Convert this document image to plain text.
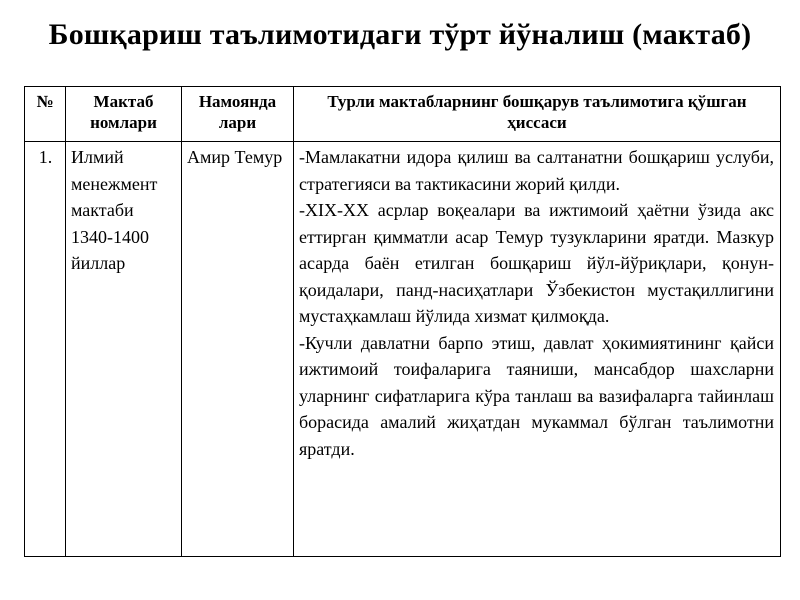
Бошқариш таълимотидаги тўрт йўналиш (мактаб)
№	Мактаб номлари	Намоянда лари	Турли мактабларнинг бошқарув таълимотига қўшган ҳиссаси
1.	Илмий менежмент мактаби 1340-1400 йиллар	Амир Темур	-Мамлакатни идора қилиш ва салтанатни бошқариш услуби, стратегияси ва тактикасини жорий қилди.

-XIX-XX асрлар воқеалари ва ижтимоий ҳаётни ўзида акс еттирган қимматли асар Темур тузукларини яратди. Мазкур асарда баён етилган бошқариш йўл-йўриқлари, қонун-қоидалари, панд-насиҳатлари Ўзбекистон мустақиллигини мустаҳкамлаш йўлида хизмат қилмоқда.

-Кучли давлатни барпо этиш, давлат ҳокимиятининг қайси ижтимоий тоифаларига таяниши, мансабдор шахсларни уларнинг сифатларига кўра танлаш ва вазифаларга тайинлаш борасида амалий жиҳатдан мукаммал бўлган таълимотни яратди.
